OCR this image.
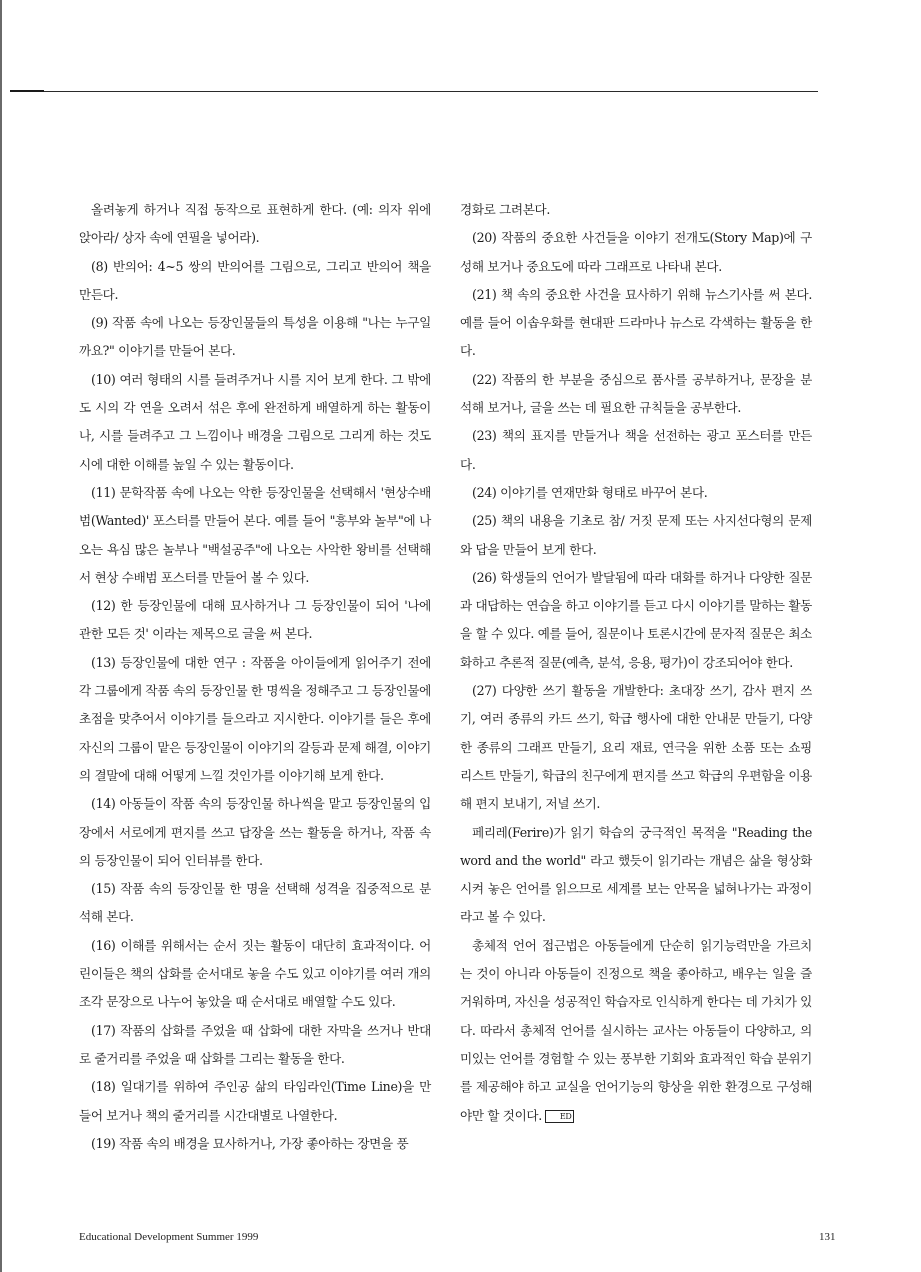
올려놓게 하거나 직접 동작으로 표현하게 한다. (예: 의자 위에 앉아라/ 상자 속에 연필을 넣어라).

(8) 반의어: 4~5 쌍의 반의어를 그림으로, 그리고 반의어 책을 만든다.

(9) 작품 속에 나오는 등장인물들의 특성을 이용해 "나는 누구일까요?" 이야기를 만들어 본다.

(10) 여러 형태의 시를 들려주거나 시를 지어 보게 한다. 그 밖에도 시의 각 연을 오려서 섞은 후에 완전하게 배열하게 하는 활동이나, 시를 들려주고 그 느낌이나 배경을 그림으로 그리게 하는 것도 시에 대한 이해를 높일 수 있는 활동이다.

(11) 문학작품 속에 나오는 악한 등장인물을 선택해서 '현상수배범(Wanted)' 포스터를 만들어 본다. 예를 들어 "흥부와 놀부"에 나오는 욕심 많은 놀부나 "백설공주"에 나오는 사악한 왕비를 선택해서 현상 수배범 포스터를 만들어 볼 수 있다.

(12) 한 등장인물에 대해 묘사하거나 그 등장인물이 되어 '나에 관한 모든 것' 이라는 제목으로 글을 써 본다.

(13) 등장인물에 대한 연구 : 작품을 아이들에게 읽어주기 전에 각 그룹에게 작품 속의 등장인물 한 명씩을 정해주고 그 등장인물에 초점을 맞추어서 이야기를 들으라고 지시한다. 이야기를 들은 후에 자신의 그룹이 맡은 등장인물이 이야기의 갈등과 문제 해결, 이야기의 결말에 대해 어떻게 느낄 것인가를 이야기해 보게 한다.

(14) 아동들이 작품 속의 등장인물 하나씩을 맡고 등장인물의 입장에서 서로에게 편지를 쓰고 답장을 쓰는 활동을 하거나, 작품 속의 등장인물이 되어 인터뷰를 한다.

(15) 작품 속의 등장인물 한 명을 선택해 성격을 집중적으로 분석해 본다.

(16) 이해를 위해서는 순서 짓는 활동이 대단히 효과적이다. 어린이들은 책의 삽화를 순서대로 놓을 수도 있고 이야기를 여러 개의 조각 문장으로 나누어 놓았을 때 순서대로 배열할 수도 있다.

(17) 작품의 삽화를 주었을 때 삽화에 대한 자막을 쓰거나 반대로 줄거리를 주었을 때 삽화를 그리는 활동을 한다.

(18) 일대기를 위하여 주인공 삶의 타임라인(Time Line)을 만들어 보거나 책의 줄거리를 시간대별로 나열한다.

(19) 작품 속의 배경을 묘사하거나, 가장 좋아하는 장면을 풍

경화로 그려본다.

(20) 작품의 중요한 사건들을 이야기 전개도(Story Map)에 구성해 보거나 중요도에 따라 그래프로 나타내 본다.

(21) 책 속의 중요한 사건을 묘사하기 위해 뉴스기사를 써 본다. 예를 들어 이솝우화를 현대판 드라마나 뉴스로 각색하는 활동을 한다.

(22) 작품의 한 부분을 중심으로 품사를 공부하거나, 문장을 분석해 보거나, 글을 쓰는 데 필요한 규칙들을 공부한다.

(23) 책의 표지를 만들거나 책을 선전하는 광고 포스터를 만든다.

(24) 이야기를 연재만화 형태로 바꾸어 본다.

(25) 책의 내용을 기초로 참/ 거짓 문제 또는 사지선다형의 문제와 답을 만들어 보게 한다.

(26) 학생들의 언어가 발달됨에 따라 대화를 하거나 다양한 질문과 대답하는 연습을 하고 이야기를 듣고 다시 이야기를 말하는 활동을 할 수 있다. 예를 들어, 질문이나 토론시간에 문자적 질문은 최소화하고 추론적 질문(예측, 분석, 응용, 평가)이 강조되어야 한다.

(27) 다양한 쓰기 활동을 개발한다: 초대장 쓰기, 감사 편지 쓰기, 여러 종류의 카드 쓰기, 학급 행사에 대한 안내문 만들기, 다양한 종류의 그래프 만들기, 요리 재료, 연극을 위한 소품 또는 쇼핑 리스트 만들기, 학급의 친구에게 편지를 쓰고 학급의 우편함을 이용해 편지 보내기, 저널 쓰기.

페리레(Ferire)가 읽기 학습의 궁극적인 목적을 "Reading the word and the world" 라고 했듯이 읽기라는 개념은 삶을 형상화시켜 놓은 언어를 읽으므로 세계를 보는 안목을 넓혀나가는 과정이라고 볼 수 있다.

총체적 언어 접근법은 아동들에게 단순히 읽기능력만을 가르치는 것이 아니라 아동들이 진정으로 책을 좋아하고, 배우는 일을 즐거워하며, 자신을 성공적인 학습자로 인식하게 한다는 데 가치가 있다. 따라서 총체적 언어를 실시하는 교사는 아동들이 다양하고, 의미있는 언어를 경험할 수 있는 풍부한 기회와 효과적인 학습 분위기를 제공해야 하고 교실을 언어기능의 향상을 위한 환경으로 구성해야만 할 것이다. ED

Educational Development Summer 1999	131
